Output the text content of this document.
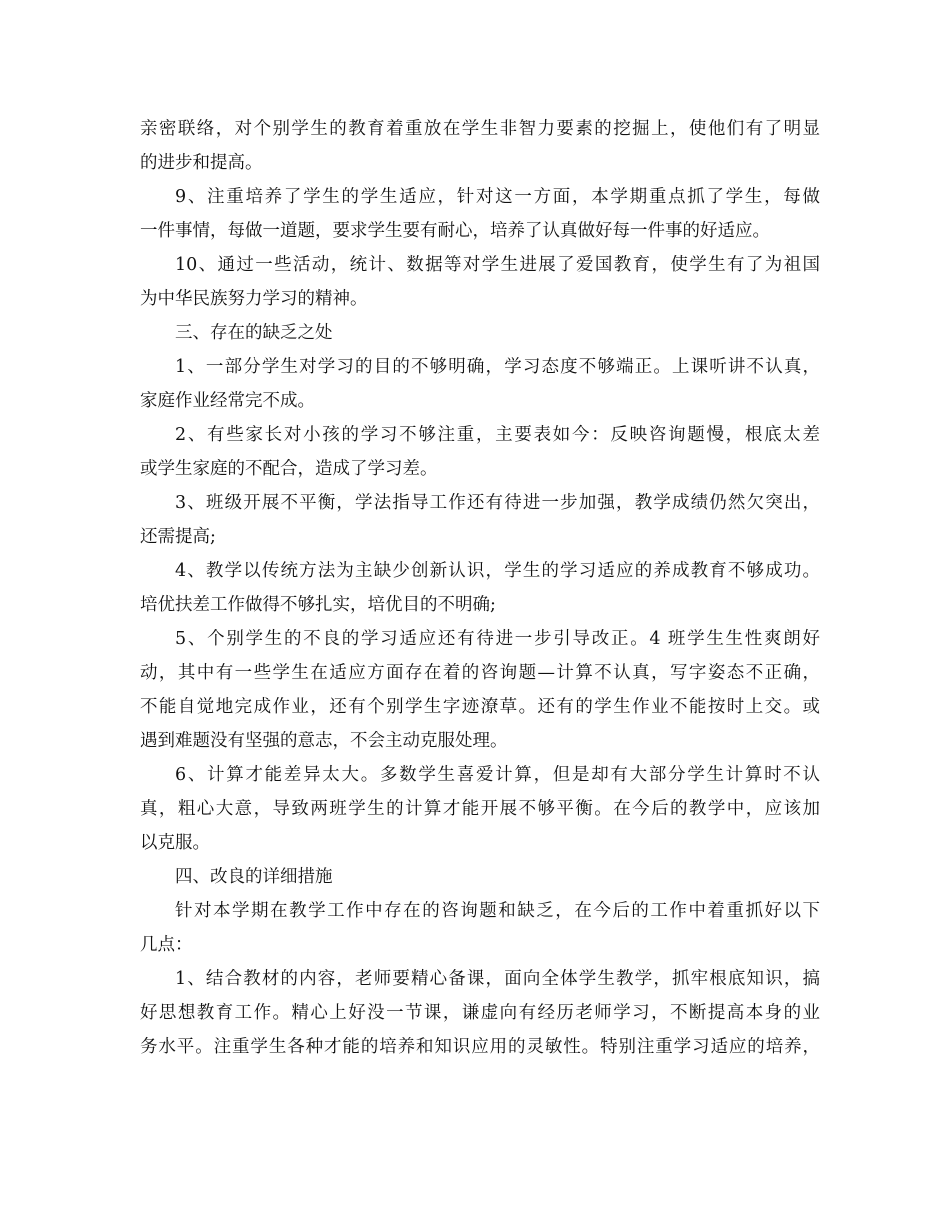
亲密联络，对个别学生的教育着重放在学生非智力要素的挖掘上，使他们有了明显
的进步和提高。
9、注重培养了学生的学生适应，针对这一方面，本学期重点抓了学生，每做
一件事情，每做一道题，要求学生要有耐心，培养了认真做好每一件事的好适应。
10、通过一些活动，统计、数据等对学生进展了爱国教育，使学生有了为祖国
为中华民族努力学习的精神。
三、存在的缺乏之处
1、一部分学生对学习的目的不够明确，学习态度不够端正。上课听讲不认真，
家庭作业经常完不成。
2、有些家长对小孩的学习不够注重，主要表如今：反映咨询题慢，根底太差
或学生家庭的不配合，造成了学习差。
3、班级开展不平衡，学法指导工作还有待进一步加强，教学成绩仍然欠突出，
还需提高;
4、教学以传统方法为主缺少创新认识，学生的学习适应的养成教育不够成功。
培优扶差工作做得不够扎实，培优目的不明确;
5、个别学生的不良的学习适应还有待进一步引导改正。4 班学生生性爽朗好
动，其中有一些学生在适应方面存在着的咨询题—计算不认真，写字姿态不正确，
不能自觉地完成作业，还有个别学生字迹潦草。还有的学生作业不能按时上交。或
遇到难题没有坚强的意志，不会主动克服处理。
6、计算才能差异太大。多数学生喜爱计算，但是却有大部分学生计算时不认
真，粗心大意，导致两班学生的计算才能开展不够平衡。在今后的教学中，应该加
以克服。
四、改良的详细措施
针对本学期在教学工作中存在的咨询题和缺乏，在今后的工作中着重抓好以下
几点：
1、结合教材的内容，老师要精心备课，面向全体学生教学，抓牢根底知识，搞
好思想教育工作。精心上好没一节课，谦虚向有经历老师学习，不断提高本身的业
务水平。注重学生各种才能的培养和知识应用的灵敏性。特别注重学习适应的培养，
